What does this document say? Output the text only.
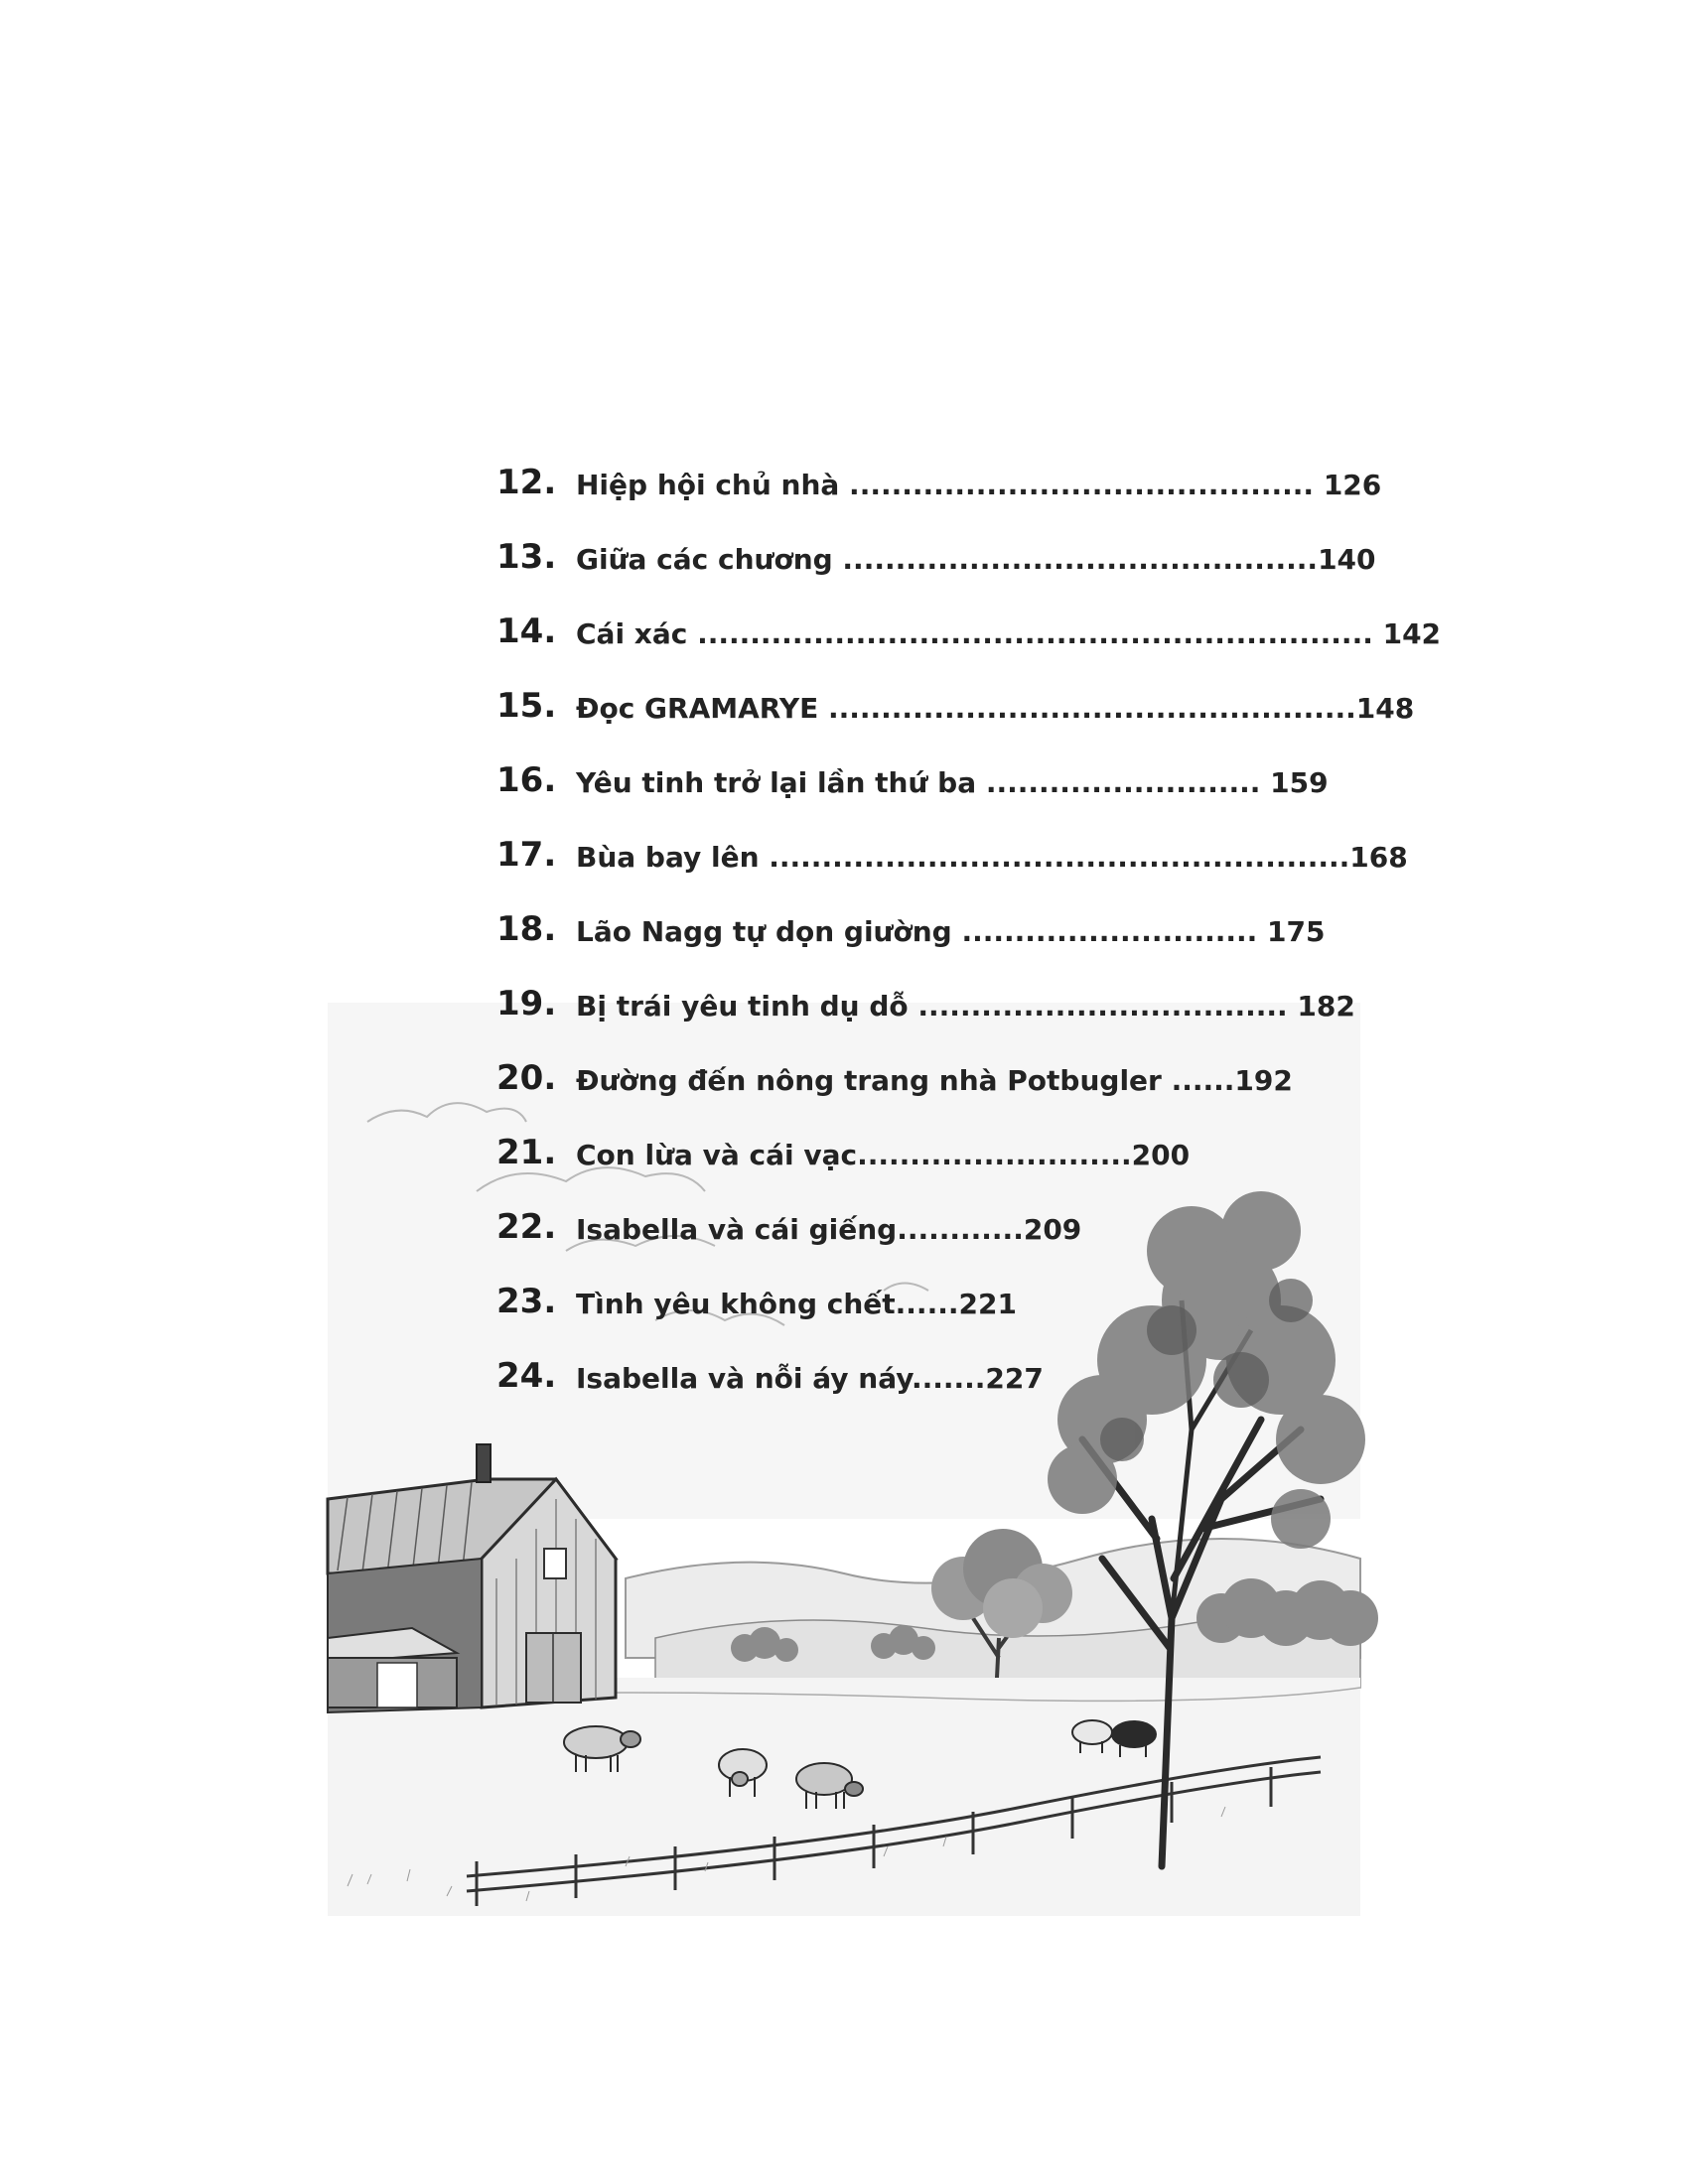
12. Hiệp hội chủ nhà ............................................ 126
13. Giữa các chương .............................................140
14. Cái xác ................................................................ 142
15. Đọc GRAMARYE ..................................................148
16. Yêu tinh trở lại lần thứ ba .......................... 159
17. Bùa bay lên .......................................................168
18. Lão Nagg tự dọn giường ............................ 175
19. Bị trái yêu tinh dụ dỗ ................................... 182
20. Đường đến nông trang nhà Potbugler ......192
21. Con lừa và cái vạc..........................200
22. Isabella và cái giếng............209
23. Tình yêu không chết......221
24. Isabella và nỗi áy náy.......227
